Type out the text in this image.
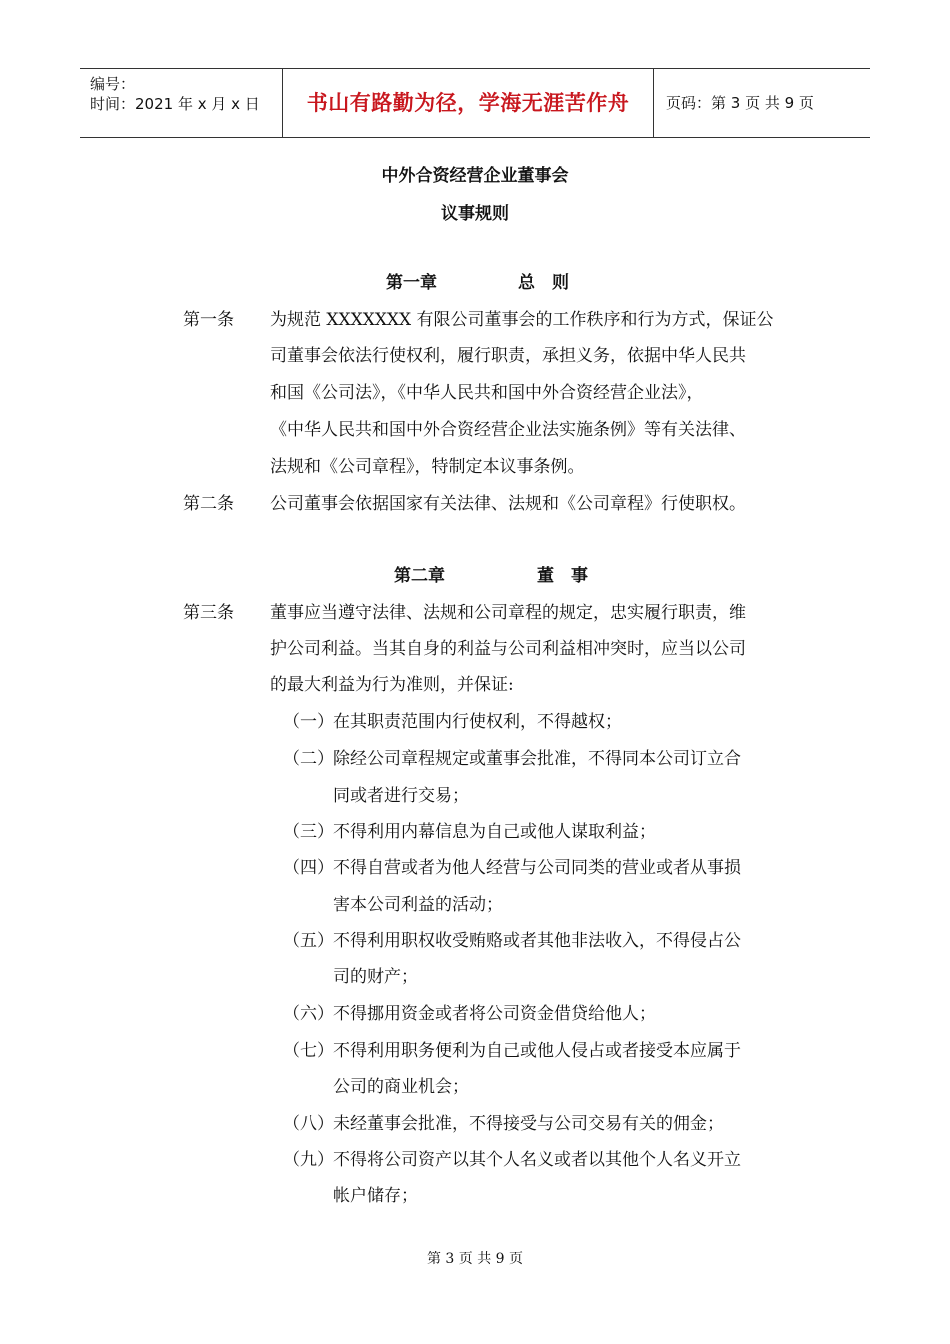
编号：
时间：2021 年 x 月 x 日	书山有路勤为径，学海无涯苦作舟	页码：第 3 页 共 9 页
中外合资经营企业董事会
议事规则
第一章	总　则
第一条 为规范 XXXXXXX 有限公司董事会的工作秩序和行为方式，保证公
司董事会依法行使权利，履行职责，承担义务，依据中华人民共
和国《公司法》，《中华人民共和国中外合资经营企业法》，
《中华人民共和国中外合资经营企业法实施条例》等有关法律、
法规和《公司章程》，特制定本议事条例。
第二条 公司董事会依据国家有关法律、法规和《公司章程》行使职权。
第二章	董　事
第三条 董事应当遵守法律、法规和公司章程的规定，忠实履行职责，维
护公司利益。当其自身的利益与公司利益相冲突时，应当以公司
的最大利益为行为准则，并保证:
（一） 在其职责范围内行使权利，不得越权；
（二） 除经公司章程规定或董事会批准，不得同本公司订立合
同或者进行交易；
（三） 不得利用内幕信息为自己或他人谋取利益；
（四） 不得自营或者为他人经营与公司同类的营业或者从事损
害本公司利益的活动；
（五） 不得利用职权收受贿赂或者其他非法收入，不得侵占公
司的财产；
（六） 不得挪用资金或者将公司资金借贷给他人；
（七） 不得利用职务便利为自己或他人侵占或者接受本应属于
公司的商业机会；
（八） 未经董事会批准，不得接受与公司交易有关的佣金；
（九） 不得将公司资产以其个人名义或者以其他个人名义开立
帐户储存；
第 3 页 共 9 页
